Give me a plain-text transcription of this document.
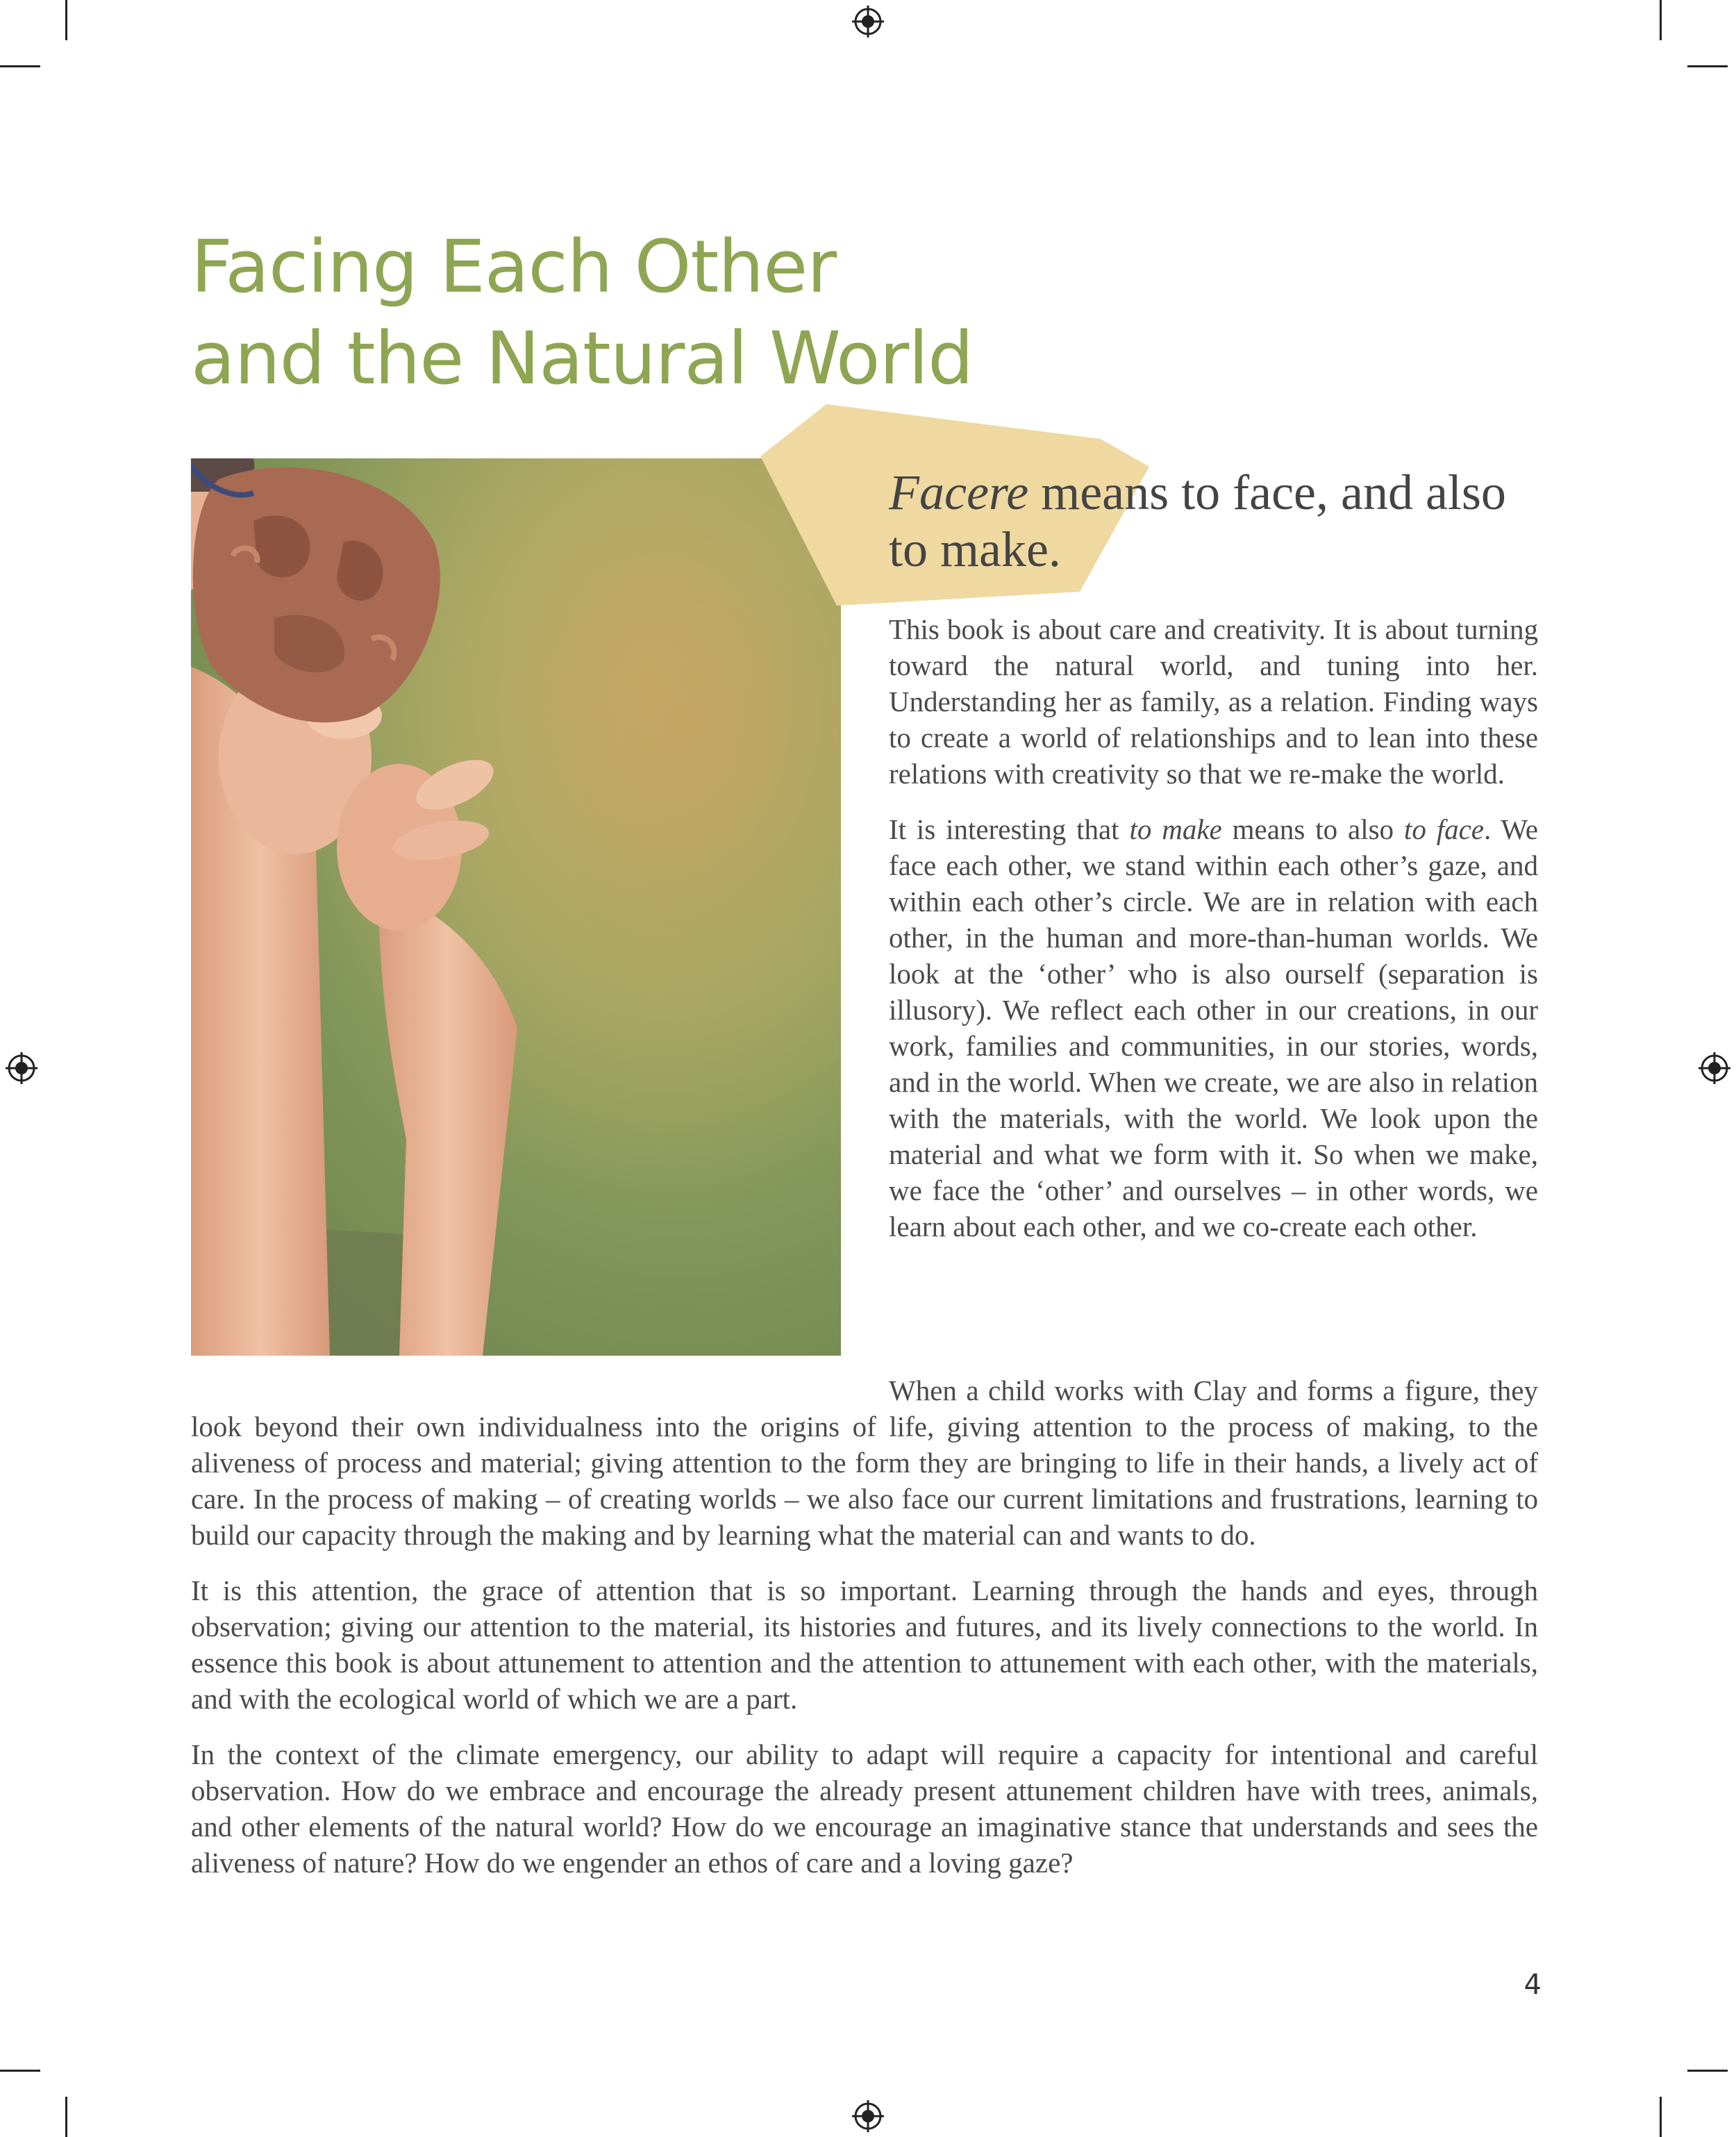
Facing Each Other
and the Natural World
Facere means to face, and also to make.

This book is about care and creativity. It is about turning toward the natural world, and tuning into her. Understanding her as family, as a relation. Finding ways to create a world of relationships and to lean into these relations with creativity so that we re-make the world.

It is interesting that to make means to also to face. We face each other, we stand within each other’s gaze, and within each other’s circle. We are in relation with each other, in the human and more-than-human worlds. We look at the ‘other’ who is also ourself (separation is illusory). We reflect each other in our creations, in our work, families and communities, in our stories, words, and in the world. When we create, we are also in relation with the materials, with the world. We look upon the material and what we form with it. So when we make, we face the ‘other’ and ourselves – in other words, we learn about each other, and we co-create each other.

When a child works with Clay and forms a figure, they look beyond their own individualness into the origins of life, giving attention to the process of making, to the aliveness of process and material; giving attention to the form they are bringing to life in their hands, a lively act of care. In the process of making – of creating worlds – we also face our current limitations and frustrations, learning to build our capacity through the making and by learning what the material can and wants to do.

It is this attention, the grace of attention that is so important. Learning through the hands and eyes, through observation; giving our attention to the material, its histories and futures, and its lively connections to the world. In essence this book is about attunement to attention and the attention to attunement with each other, with the materials, and with the ecological world of which we are a part.

In the context of the climate emergency, our ability to adapt will require a capacity for intentional and careful observation. How do we embrace and encourage the already present attunement children have with trees, animals, and other elements of the natural world? How do we encourage an imaginative stance that understands and sees the aliveness of nature? How do we engender an ethos of care and a loving gaze?

4
